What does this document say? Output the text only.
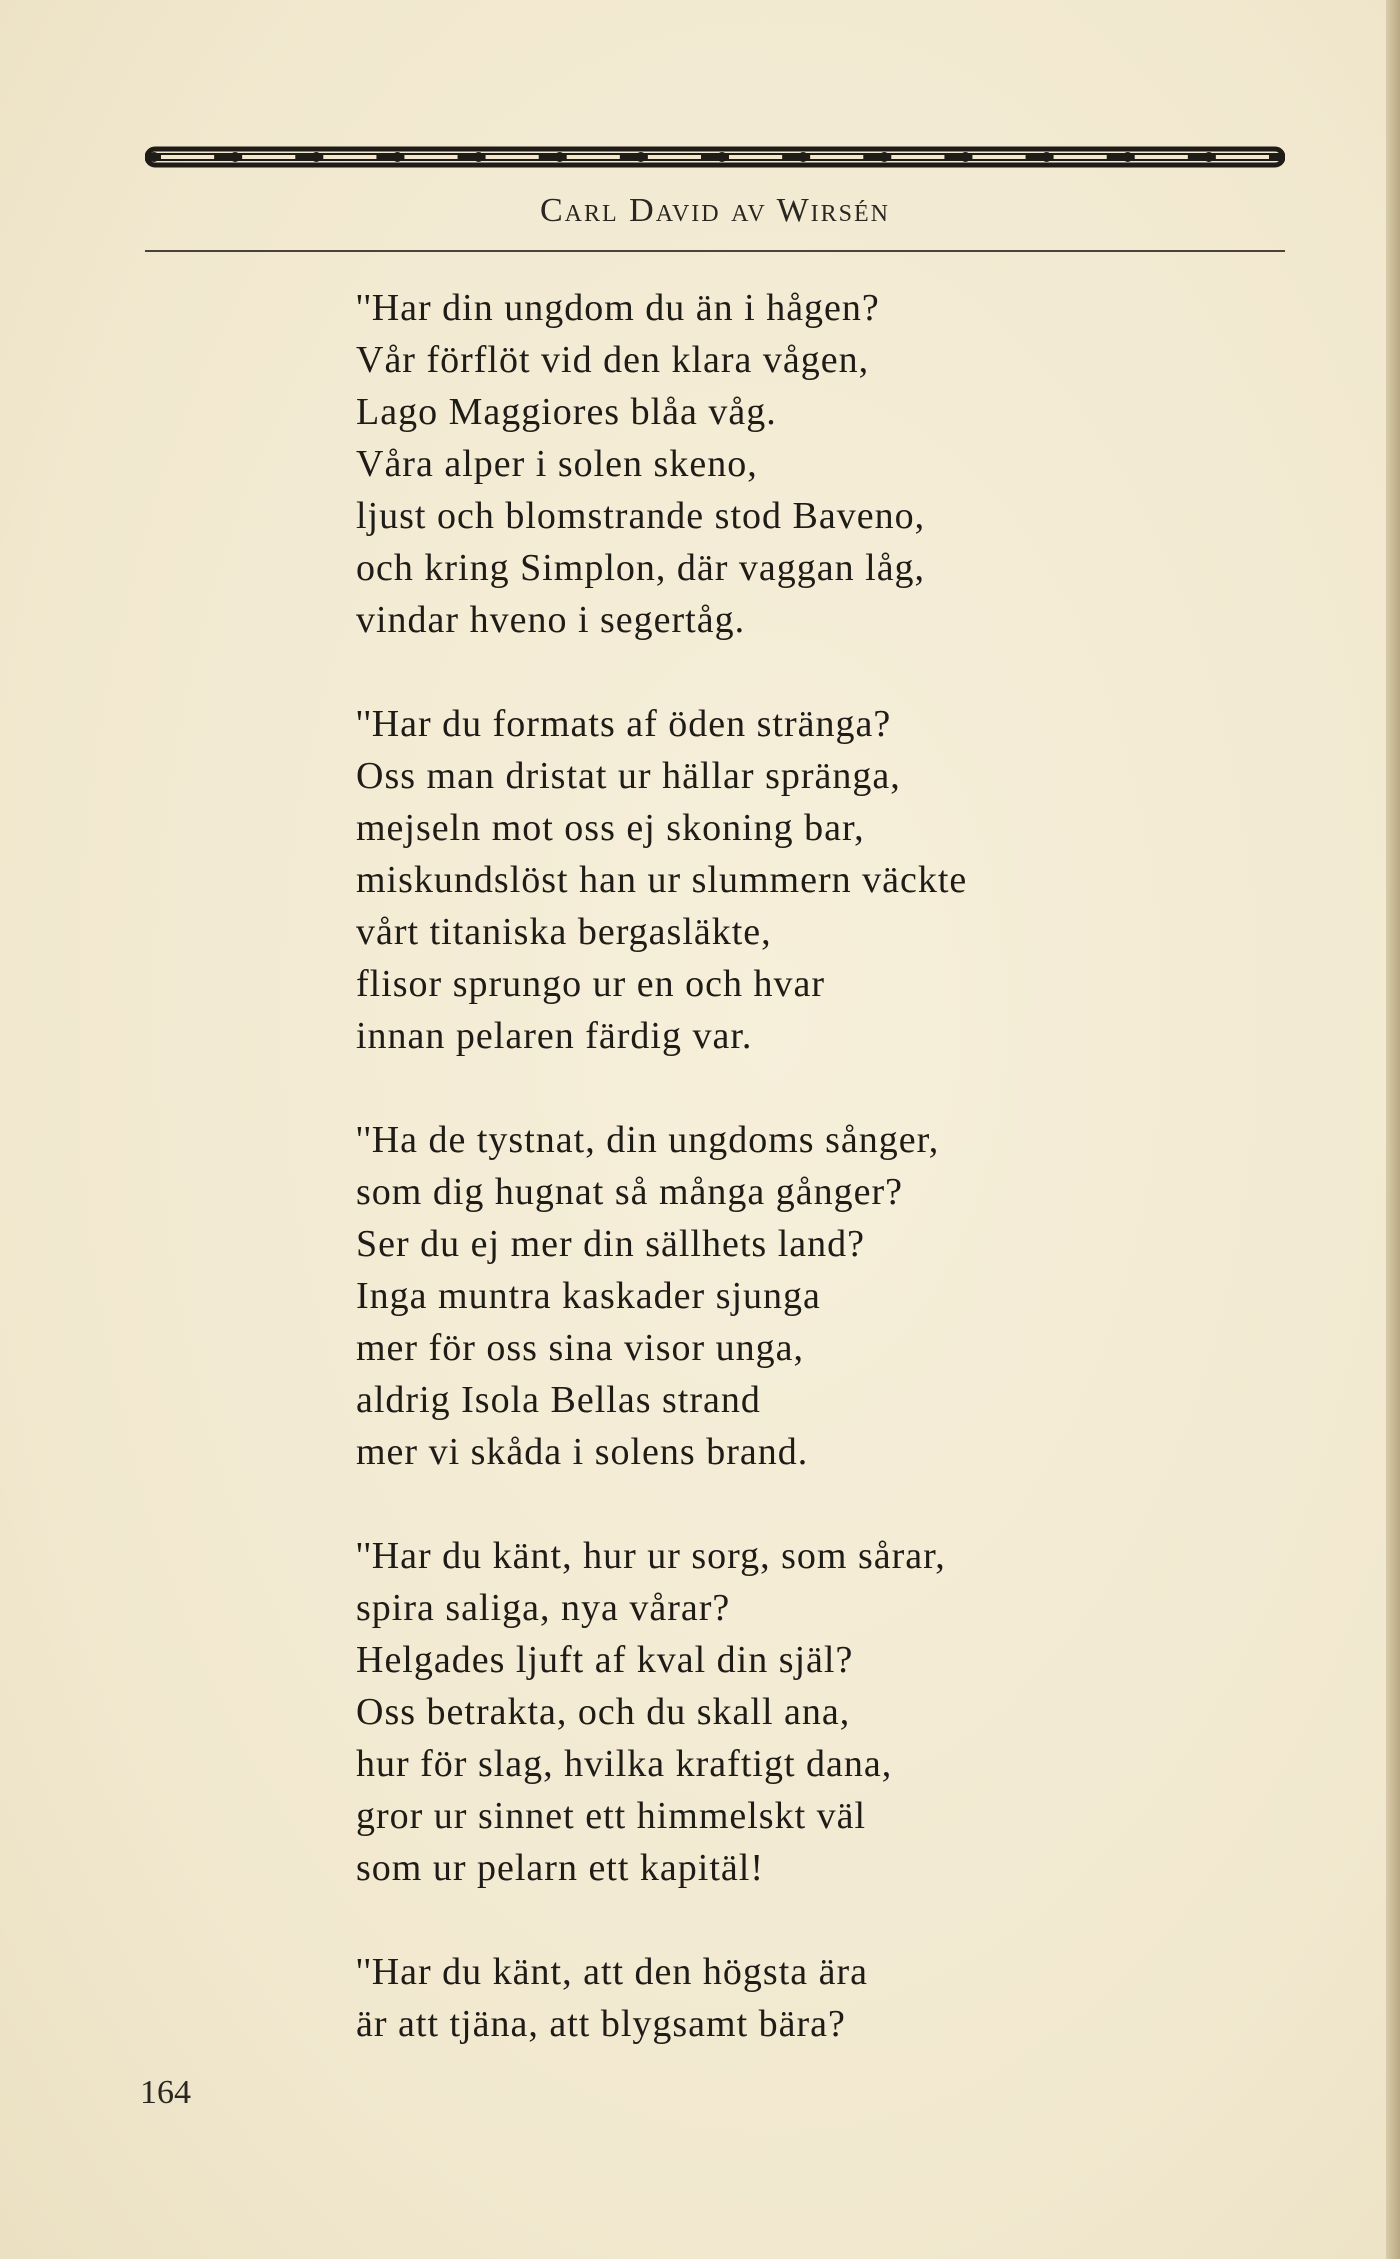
Carl David av Wirsén
''Har din ungdom du än i hågen?
Vår förflöt vid den klara vågen,
Lago Maggiores blåa våg.
Våra alper i solen skeno,
ljust och blomstrande stod Baveno,
och kring Simplon, där vaggan låg,
vindar hveno i segertåg.
''Har du formats af öden stränga?
Oss man dristat ur hällar spränga,
mejseln mot oss ej skoning bar,
miskundslöst han ur slummern väckte
vårt titaniska bergasläkte,
flisor sprungo ur en och hvar
innan pelaren färdig var.
''Ha de tystnat, din ungdoms sånger,
som dig hugnat så många gånger?
Ser du ej mer din sällhets land?
Inga muntra kaskader sjunga
mer för oss sina visor unga,
aldrig Isola Bellas strand
mer vi skåda i solens brand.
''Har du känt, hur ur sorg, som sårar,
spira saliga, nya vårar?
Helgades ljuft af kval din själ?
Oss betrakta, och du skall ana,
hur för slag, hvilka kraftigt dana,
gror ur sinnet ett himmelskt väl
som ur pelarn ett kapitäl!
''Har du känt, att den högsta ära
är att tjäna, att blygsamt bära?
164
